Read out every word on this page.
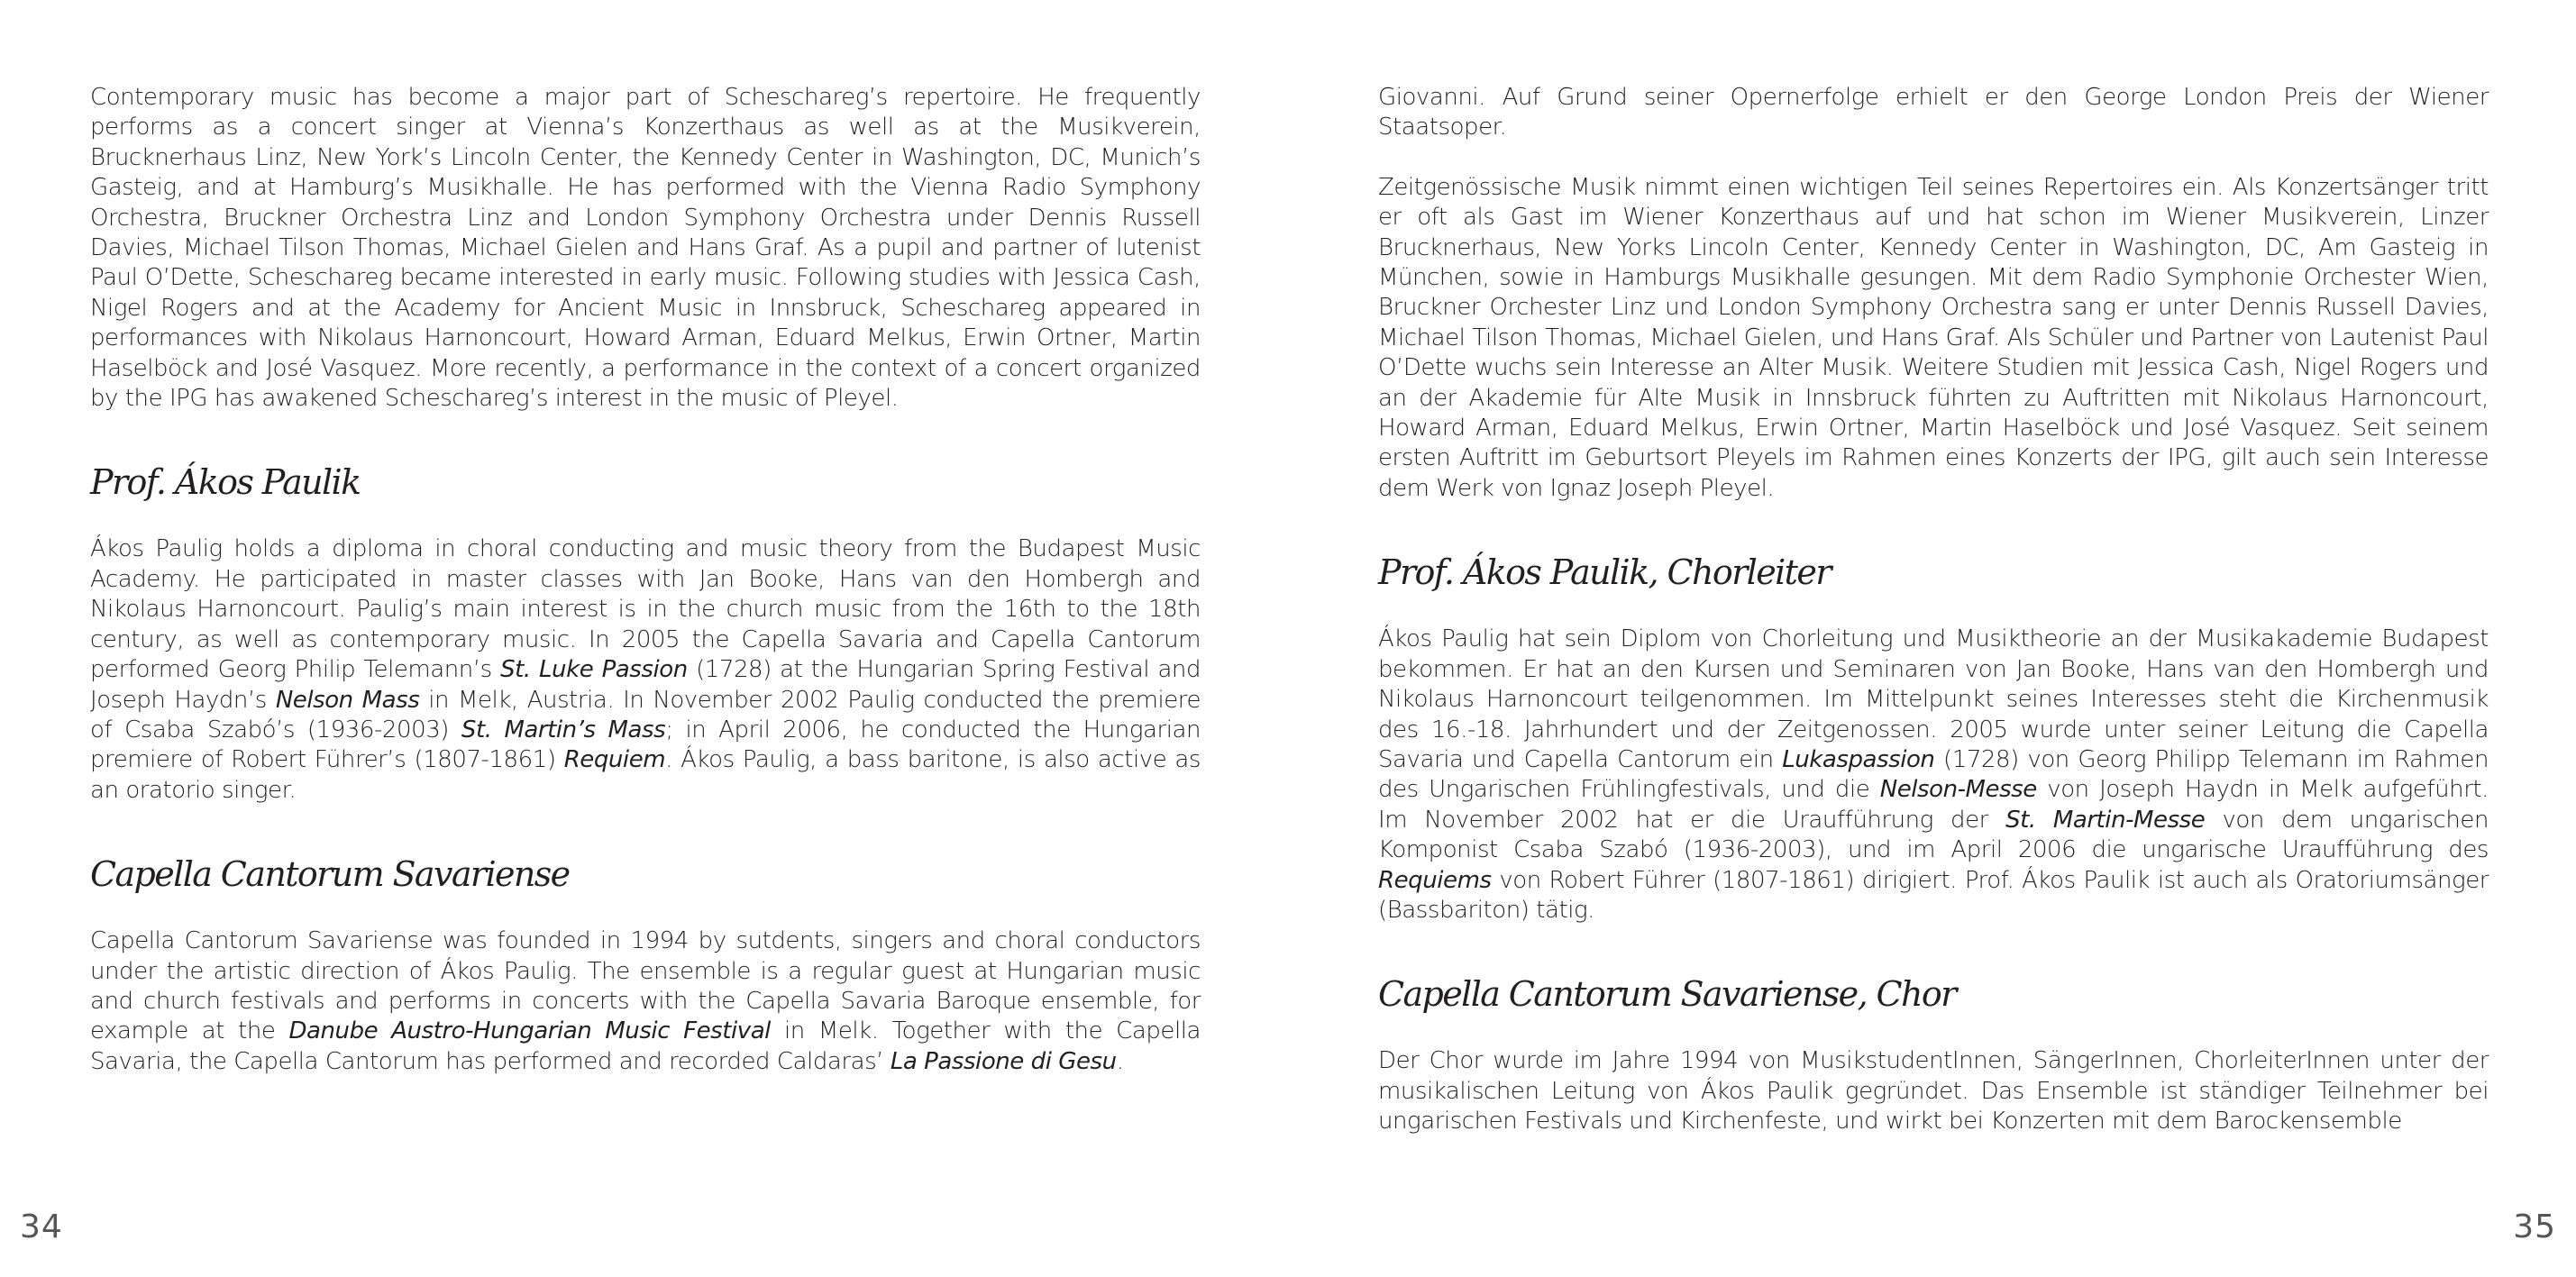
Contemporary music has become a major part of Scheschareg’s repertoire. He frequently performs as a concert singer at Vienna’s Konzerthaus as well as at the Musikverein, Brucknerhaus Linz, New York’s Lincoln Center, the Kennedy Center in Washington, DC, Munich’s Gasteig, and at Hamburg’s Musikhalle. He has performed with the Vienna Radio Symphony Orchestra, Bruckner Orchestra Linz and London Symphony Orchestra under Dennis Russell Davies, Michael Tilson Thomas, Michael Gielen and Hans Graf. As a pupil and partner of lutenist Paul O’Dette, Scheschareg became interested in early music. Following studies with Jessica Cash, Nigel Rogers and at the Academy for Ancient Music in Innsbruck, Scheschareg appeared in performances with Nikolaus Harnoncourt, Howard Arman, Eduard Melkus, Erwin Ortner, Martin Haselböck and José Vasquez. More recently, a performance in the context of a concert organized by the IPG has awakened Scheschareg’s interest in the music of Pleyel.

Prof. Ákos Paulik

Ákos Paulig holds a diploma in choral conducting and music theory from the Budapest Music Academy. He participated in master classes with Jan Booke, Hans van den Hombergh and Nikolaus Harnoncourt. Paulig’s main interest is in the church music from the 16th to the 18th century, as well as contemporary music. In 2005 the Capella Savaria and Capella Cantorum performed Georg Philip Telemann’s St. Luke Passion (1728) at the Hungarian Spring Festival and Joseph Haydn’s Nelson Mass in Melk, Austria. In November 2002 Paulig conducted the premiere of Csaba Szabó’s (1936-2003) St. Martin’s Mass; in April 2006, he conducted the Hungarian premiere of Robert Führer’s (1807-1861) Requiem. Ákos Paulig, a bass baritone, is also active as an oratorio singer.

Capella Cantorum Savariense

Capella Cantorum Savariense was founded in 1994 by sutdents, singers and choral conductors under the artistic direction of Ákos Paulig. The ensemble is a regular guest at Hungarian music and church festivals and performs in concerts with the Capella Savaria Baroque ensemble, for example at the Danube Austro-Hungarian Music Festival in Melk. Together with the Capella Savaria, the Capella Cantorum has performed and recorded Caldaras’ La Passione di Gesu.

34

Giovanni. Auf Grund seiner Opernerfolge erhielt er den George London Preis der Wiener Staatsoper.

Zeitgenössische Musik nimmt einen wichtigen Teil seines Repertoires ein. Als Konzertsänger tritt er oft als Gast im Wiener Konzerthaus auf und hat schon im Wiener Musikverein, Linzer Brucknerhaus, New Yorks Lincoln Center, Kennedy Center in Washington, DC, Am Gasteig in München, sowie in Hamburgs Musikhalle gesungen. Mit dem Radio Symphonie Orchester Wien, Bruckner Orchester Linz und London Symphony Orchestra sang er unter Dennis Russell Davies, Michael Tilson Thomas, Michael Gielen, und Hans Graf. Als Schüler und Partner von Lautenist Paul O’Dette wuchs sein Interesse an Alter Musik. Weitere Studien mit Jessica Cash, Nigel Rogers und an der Akademie für Alte Musik in Innsbruck führten zu Auftritten mit Nikolaus Harnoncourt, Howard Arman, Eduard Melkus, Erwin Ortner, Martin Haselböck und José Vasquez. Seit seinem ersten Auftritt im Geburtsort Pleyels im Rahmen eines Konzerts der IPG, gilt auch sein Interesse dem Werk von Ignaz Joseph Pleyel.

Prof. Ákos Paulik, Chorleiter

Ákos Paulig hat sein Diplom von Chorleitung und Musiktheorie an der Musikakademie Budapest bekommen. Er hat an den Kursen und Seminaren von Jan Booke, Hans van den Hombergh und Nikolaus Harnoncourt teilgenommen. Im Mittelpunkt seines Interesses steht die Kirchenmusik des 16.-18. Jahrhundert und der Zeitgenossen. 2005 wurde unter seiner Leitung die Capella Savaria und Capella Cantorum ein Lukaspassion (1728) von Georg Philipp Telemann im Rahmen des Ungarischen Frühlingfestivals, und die Nelson-Messe von Joseph Haydn in Melk aufgeführt. Im November 2002 hat er die Uraufführung der St. Martin-Messe von dem ungarischen Komponist Csaba Szabó (1936-2003), und im April 2006 die ungarische Uraufführung des Requiems von Robert Führer (1807-1861) dirigiert. Prof. Ákos Paulik ist auch als Oratoriumsänger (Bassbariton) tätig.

Capella Cantorum Savariense, Chor

Der Chor wurde im Jahre 1994 von MusikstudentInnen, SängerInnen, ChorleiterInnen unter der musikalischen Leitung von Ákos Paulik gegründet. Das Ensemble ist ständiger Teilnehmer bei ungarischen Festivals und Kirchenfeste, und wirkt bei Konzerten mit dem Barockensemble

35
